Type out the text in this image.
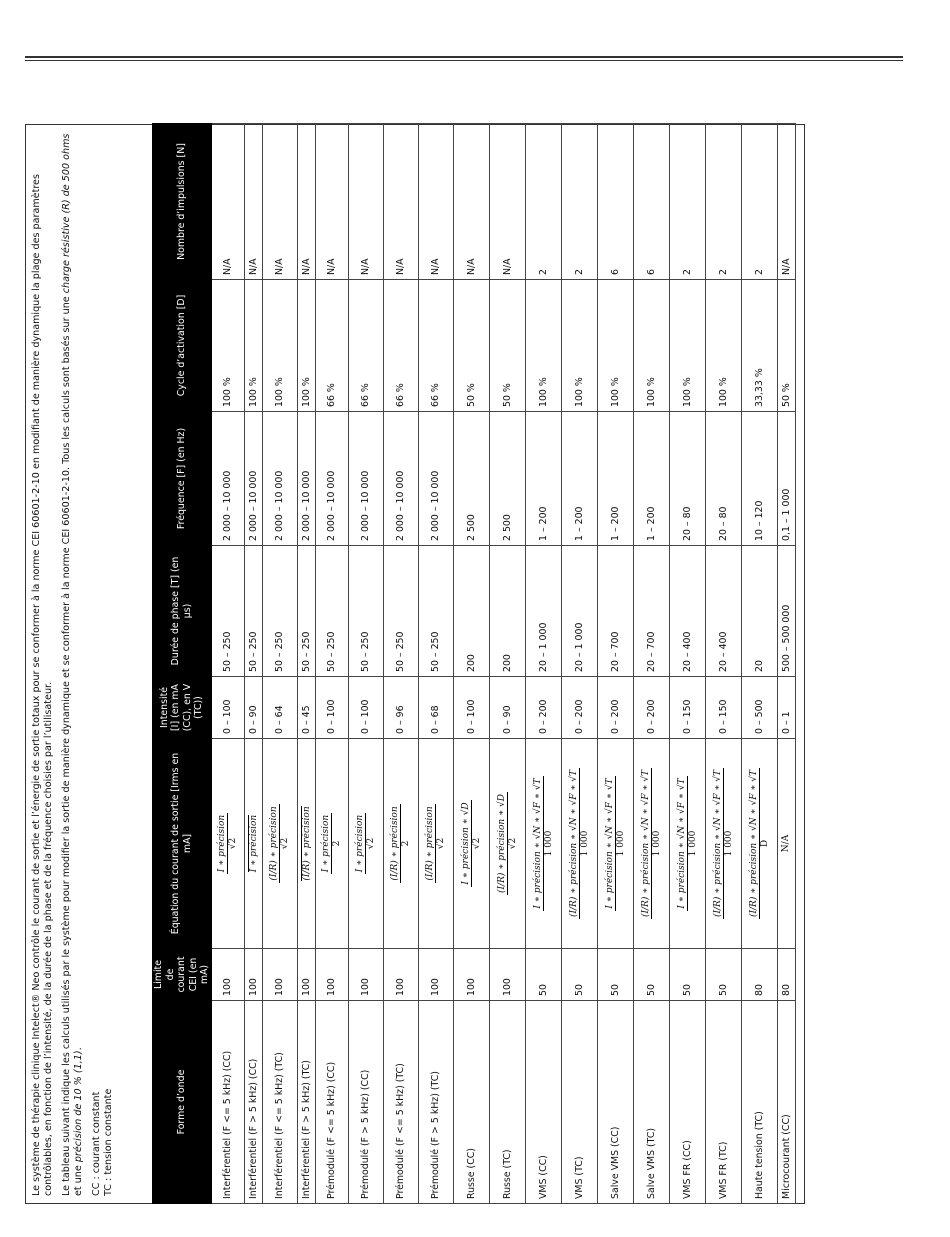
Le système de thérapie clinique Intelect® Neo contrôle le courant de sortie et l’énergie de sortie totaux pour se conformer à la norme CEI 60601-2-10 en modifiant de manière dynamique la plage des paramètres contrôlables, en fonction de l’intensité, de la durée de la phase et de la fréquence choisies par l’utilisateur. Le tableau suivant indique les calculs utilisés par le système pour modifier la sortie de manière dynamique et se conformer à la norme CEI 60601-2-10. Tous les calculs sont basés sur une charge résistive (R) de 500 ohms et une précision de 10 % (1,1).

CC : courant constant TC : tension constante	Forme d’onde	Limite de courant CEI (en mA)	Équation du courant de sortie [Irms en mA]	Intensité [I] (en mA (CC), en V (TC))	Durée de phase [T] (en µs)	Fréquence [F] (en Hz)	Cycle d’activation [D]	Nombre d’impulsions [N]
Interférentiel (F <= 5 kHz) (CC)	100	I ∗ précision √2	0 – 100	50 – 250	2 000 – 10 000	100 %	N/A
Interférentiel (F > 5 kHz) (CC)	100	I ∗ précision	0 – 90	50 – 250	2 000 – 10 000	100 %	N/A
Interférentiel (F <= 5 kHz) (TC)	100	(I/R) ∗ précision √2	0 – 64	50 – 250	2 000 – 10 000	100 %	N/A
Interférentiel (F > 5 kHz) (TC)	100	(I/R) ∗ précision	0 – 45	50 – 250	2 000 – 10 000	100 %	N/A
Prémodulé (F <= 5 kHz) (CC)	100	I ∗ précision 2	0 – 100	50 – 250	2 000 – 10 000	66 %	N/A
Prémodulé (F > 5 kHz) (CC)	100	I ∗ précision √2	0 – 100	50 – 250	2 000 – 10 000	66 %	N/A
Prémodulé (F <= 5 kHz) (TC)	100	(I/R) ∗ précision 2	0 – 96	50 – 250	2 000 – 10 000	66 %	N/A
Prémodulé (F > 5 kHz) (TC)	100	(I/R) ∗ précision √2	0 – 68	50 – 250	2 000 – 10 000	66 %	N/A
Russe (CC)	100	I ∗ précision ∗ √D √2	0 – 100	200	2 500	50 %	N/A
Russe (TC)	100	(I/R) ∗ précision ∗ √D √2	0 – 90	200	2 500	50 %	N/A
VMS (CC)	50	I ∗ précision ∗ √N ∗ √F ∗ √T 1 000	0 – 200	20 – 1 000	1 – 200	100 %	2
VMS (TC)	50	(I/R) ∗ précision ∗ √N ∗ √F ∗ √T 1 000	0 – 200	20 – 1 000	1 – 200	100 %	2
Salve VMS (CC)	50	I ∗ précision ∗ √N ∗ √F ∗ √T 1 000	0 – 200	20 – 700	1 – 200	100 %	6
Salve VMS (TC)	50	(I/R) ∗ précision ∗ √N ∗ √F ∗ √T 1 000	0 – 200	20 – 700	1 – 200	100 %	6
VMS FR (CC)	50	I ∗ précision ∗ √N ∗ √F ∗ √T 1 000	0 – 150	20 – 400	20 – 80	100 %	2
VMS FR (TC)	50	(I/R) ∗ précision ∗ √N ∗ √F ∗ √T 1 000	0 – 150	20 – 400	20 – 80	100 %	2
Haute tension (TC)	80	(I/R) ∗ précision ∗ √N ∗ √F ∗ √T D	0 – 500	20	10 – 120	33,33 %	2
Microcourant (CC)	80	N/A	0 – 1	500 – 500 000	0,1 – 1 000	50 %	N/A
